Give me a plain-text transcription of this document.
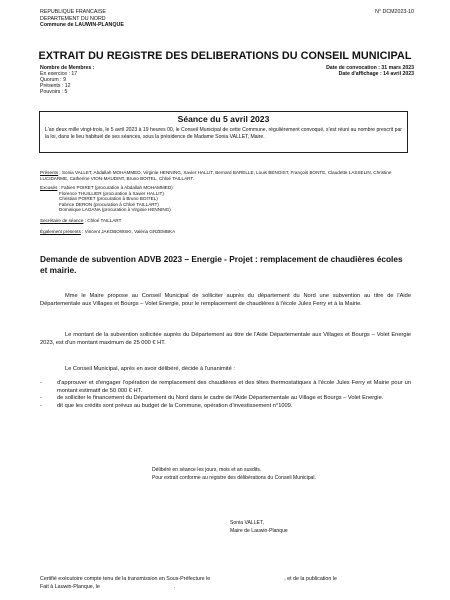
REPUBLIQUE FRANCAISE
DEPARTEMENT DU NORD
Commune de LAUWIN-PLANQUE
N° DCM2023-10
EXTRAIT DU REGISTRE DES DELIBERATIONS DU CONSEIL MUNICIPAL
Nombre de Membres :
En exercice : 17
Quorum : 9
Présents : 12
Pouvoirs : 5
Date de convocation : 31 mars 2023
Date d'affichage : 14 avril 2023
Séance du 5 avril 2023
L'an deux mille vingt-trois, le 5 avril 2023 à 19 heures 00, le Conseil Municipal de cette Commune, régulièrement convoqué, s'est réuni au nombre prescrit par la loi, dans le lieu habituel de ses séances, sous la présidence de Madame Sonia VALLET, Maire.
Présents : Sonia VALLET, Abdallah MOHAMMED, Virginie HENNING, Xavier HALLIT, Bernard BARELLE, Louis BENOIST, François BONTE, Claudette LASSELIN, Christine LUCIDARME, Catherine VION-MAUDINT, Bruno BOITEL, Chloé TAILLART.
Excusés : Fabien POIRET (procuration à Abdallah MOHAMMED)
Florence THUILLIER (procuration à Xavier HALLIT)
Christian POIRET (procuration à Bruno BOITEL)
Fabrice DERON (procuration à Chloé TAILLART)
Dominique LAGANA (procuration à Virginie HENNING)
Secrétaire de séance : Chloé TAILLART
Également présents : Vincent JAKOBOWSKI, Valéria GRZEMBKA
Demande de subvention ADVB 2023 – Energie - Projet : remplacement de chaudières écoles et mairie.
Mme le Maire propose au Conseil Municipal de solliciter auprès du département du Nord une subvention au titre de l'Aide Départementale aux Villages et Bourgs – Volet Energie, pour le remplacement de chaudières à l'école Jules Ferry et à la Mairie.
Le montant de la subvention sollicitée auprès du Département au titre de l'Aide Départementale aux Villages et Bourgs – Volet Energie 2023, est d'un montant maximum de 25 000 € HT.
Le Conseil Municipal, après en avoir délibéré, décide à l'unanimité :
-	d'approuver et d'engager l'opération de remplacement des chaudières et des têtes thermostatiques à l'école Jules Ferry et Mairie pour un montant estimatif de 50 000 € HT.
-	de solliciter le financement du Département du Nord dans le cadre de l'Aide Départementale au Village et Bourgs – Volet Energie.
-	dit que les crédits sont prévus au budget de la Commune, opération d'investissement n°1009.
Délibéré en séance les jours, mois et an susdits.
Pour extrait conforme au registre des délibérations du Conseil Municipal.
Sonia VALLET,
Maire de Lauwin-Planque
Certifié exécutoire compte tenu de la transmission en Sous-Préfecture le	, et de la publication le
Fait à Lauwin-Planque, le	.
